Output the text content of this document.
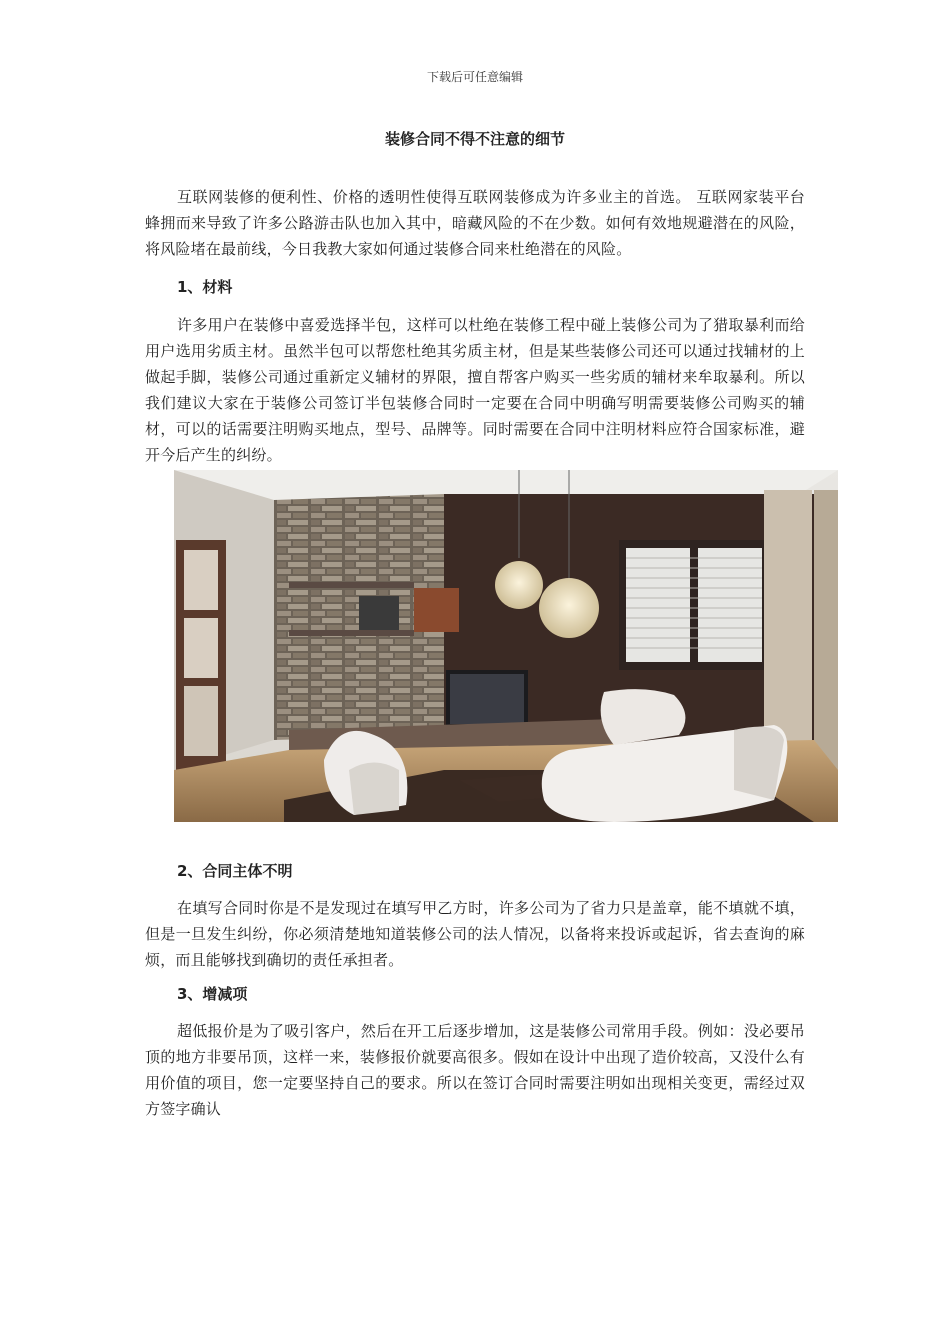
下载后可任意编辑
装修合同不得不注意的细节

互联网装修的便利性、价格的透明性使得互联网装修成为许多业主的首选。 互联网家装平台蜂拥而来导致了许多公路游击队也加入其中，暗藏风险的不在少数。如何有效地规避潜在的风险，将风险堵在最前线，今日我教大家如何通过装修合同来杜绝潜在的风险。

1、材料

许多用户在装修中喜爱选择半包，这样可以杜绝在装修工程中碰上装修公司为了猎取暴利而给用户选用劣质主材。虽然半包可以帮您杜绝其劣质主材，但是某些装修公司还可以通过找辅材的上做起手脚，装修公司通过重新定义辅材的界限，擅自帮客户购买一些劣质的辅材来牟取暴利。所以我们建议大家在于装修公司签订半包装修合同时一定要在合同中明确写明需要装修公司购买的辅材，可以的话需要注明购买地点，型号、品牌等。同时需要在合同中注明材料应符合国家标准，避开今后产生的纠纷。

2、合同主体不明

在填写合同时你是不是发现过在填写甲乙方时，许多公司为了省力只是盖章，能不填就不填，但是一旦发生纠纷，你必须清楚地知道装修公司的法人情况，以备将来投诉或起诉，省去查询的麻烦，而且能够找到确切的责任承担者。

3、增减项

超低报价是为了吸引客户，然后在开工后逐步增加，这是装修公司常用手段。例如：没必要吊顶的地方非要吊顶，这样一来，装修报价就要高很多。假如在设计中出现了造价较高，又没什么有用价值的项目，您一定要坚持自己的要求。所以在签订合同时需要注明如出现相关变更，需经过双方签字确认
